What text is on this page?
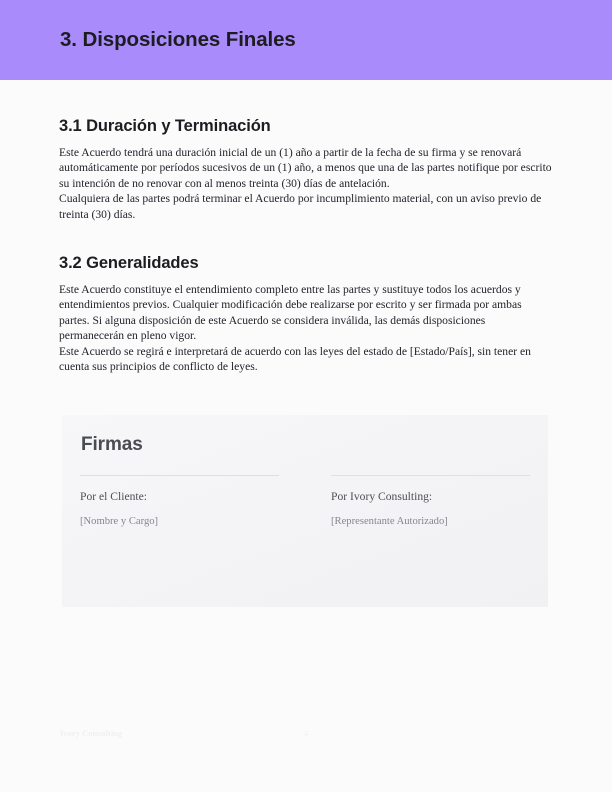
3. Disposiciones Finales
3.1 Duración y Terminación

Este Acuerdo tendrá una duración inicial de un (1) año a partir de la fecha de su firma y se renovará automáticamente por períodos sucesivos de un (1) año, a menos que una de las partes notifique por escrito su intención de no renovar con al menos treinta (30) días de antelación.

Cualquiera de las partes podrá terminar el Acuerdo por incumplimiento material, con un aviso previo de treinta (30) días.

3.2 Generalidades

Este Acuerdo constituye el entendimiento completo entre las partes y sustituye todos los acuerdos y entendimientos previos. Cualquier modificación debe realizarse por escrito y ser firmada por ambas partes. Si alguna disposición de este Acuerdo se considera inválida, las demás disposiciones permanecerán en pleno vigor.

Este Acuerdo se regirá e interpretará de acuerdo con las leyes del estado de [Estado/País], sin tener en cuenta sus principios de conflicto de leyes.

Firmas

Por el Cliente:

[Nombre y Cargo]

Por Ivory Consulting:

[Representante Autorizado]

Ivory Consulting	4
